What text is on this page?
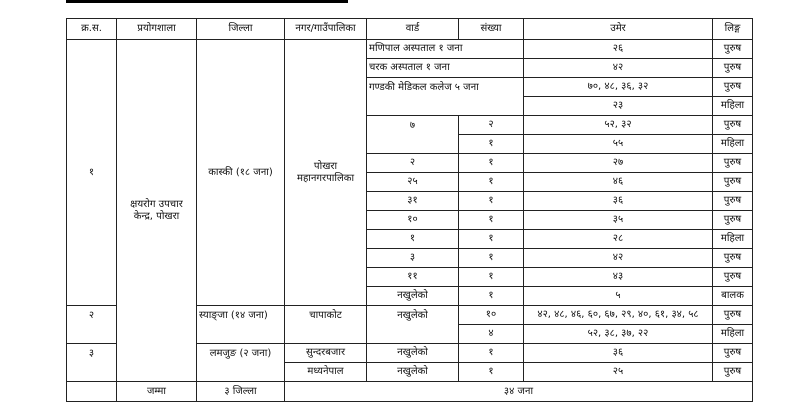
क्र.स.	प्रयोगशाला	जिल्ला	नगर/गाउँपालिका	वार्ड	संख्या	उमेर	लिङ्ग
१	क्षयरोग उपचार केन्द्र, पोखरा	कास्की (१८ जना)	पोखरा महानगरपालिका	मणिपाल अस्पताल १ जना		२६	पुरुष
				चरक अस्पताल १ जना		४२	पुरुष
				गण्डकी मेडिकल कलेज ५ जना		७०, ४८, ३६, ३२	पुरुष
						२३	महिला
				७	२	५२, ३२	पुरुष
					१	५५	महिला
				२	१	२७	पुरुष
				२५	१	४६	पुरुष
				३१	१	३६	पुरुष
				१०	१	३५	पुरुष
				१	१	२८	महिला
				३	१	४२	पुरुष
				११	१	४३	पुरुष
				नखुलेको	१	५	बालक
२		स्याङ्जा (१४ जना)	चापाकोट	नखुलेको	१०	४२, ४८, ४६, ६०, ६७, २९, ४०, ६१, ३४, ५८	पुरुष
					४	५२, ३८, ३७, २२	महिला
३		लमजुङ (२ जना)	सुन्दरबजार	नखुलेको	१	३६	पुरुष
			मध्यनेपाल	नखुलेको	१	२५	पुरुष
	जम्मा	३ जिल्ला	३४ जना				
